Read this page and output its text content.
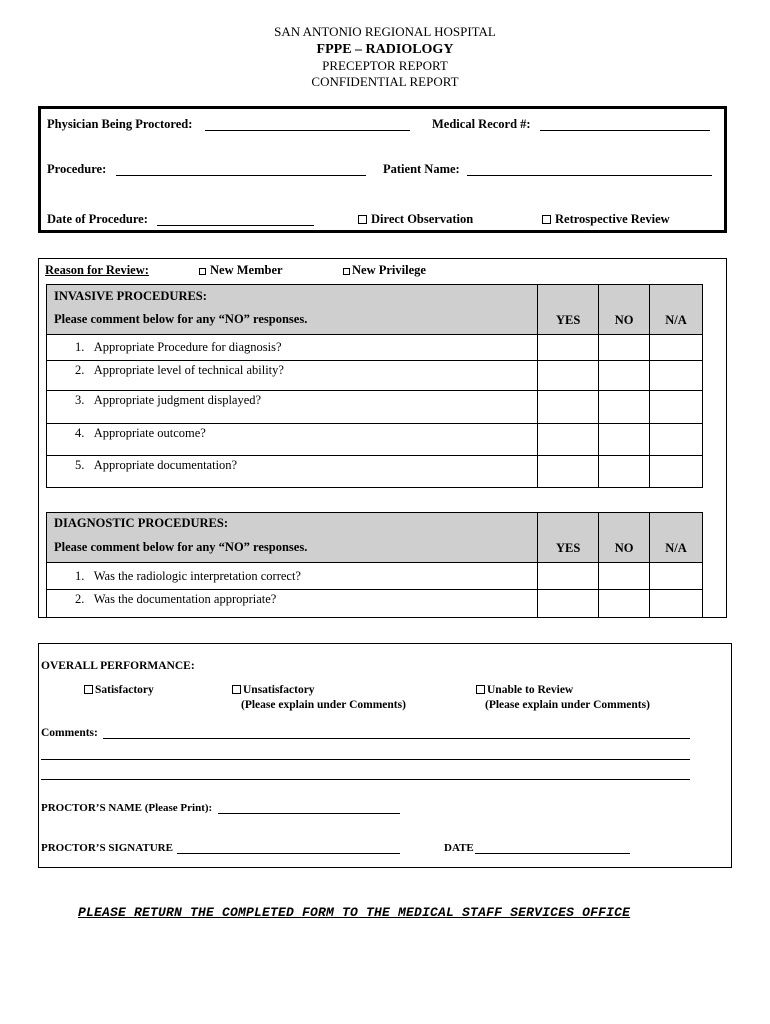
SAN ANTONIO REGIONAL HOSPITAL
FPPE – RADIOLOGY
PRECEPTOR REPORT
CONFIDENTIAL REPORT
Physician Being Proctored:	Medical Record #:
Procedure:	Patient Name:
Date of Procedure:	Direct Observation	Retrospective Review
Reason for Review:	New Member	New Privilege
INVASIVE PROCEDURES:
Please comment below for any “NO” responses.	YES	NO	N/A
1. Appropriate Procedure for diagnosis?			
2. Appropriate level of technical ability?			
3. Appropriate judgment displayed?			
4. Appropriate outcome?			
5. Appropriate documentation?			
DIAGNOSTIC PROCEDURES:
Please comment below for any “NO” responses.	YES	NO	N/A
1. Was the radiologic interpretation correct?			
2. Was the documentation appropriate?			
OVERALL PERFORMANCE:
Satisfactory	Unsatisfactory
(Please explain under Comments)
Unable to Review
(Please explain under Comments)
Comments:
PROCTOR’S NAME (Please Print):
PROCTOR’S SIGNATURE	DATE
PLEASE RETURN THE COMPLETED FORM TO THE MEDICAL STAFF SERVICES OFFICE
